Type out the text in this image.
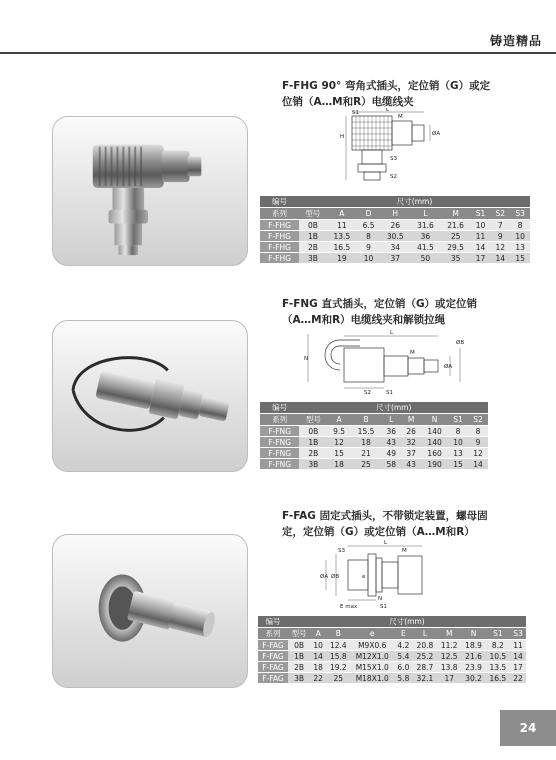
铸造精品
F-FHG 90° 弯角式插头，定位销（G）或定
位销（A…M和R）电缆线夹
S1	L
H
S3
S2
ØA
M
编号	尺寸(mm)								
系列	型号	A	D	H	L	M	S1	S2	S3
F-FHG	0B	11	6.5	26	31.6	21.6	10	7	8
F-FHG	1B	13.5	8	30.5	36	25	11	9	10
F-FHG	2B	16.5	9	34	41.5	29.5	14	12	13
F-FHG	3B	19	10	37	50	35	17	14	15
F-FNG 直式插头，定位销（G）或定位销
（A…M和R）电缆线夹和解锁拉绳
N
L
S2	S1
M
ØA
ØB
编号	尺寸(mm)							
系列	型号	A	B	L	M	N	S1	S2
F-FNG	0B	9.5	15.5	36	26	140	8	8
F-FNG	1B	12	18	43	32	140	10	9
F-FNG	2B	15	21	49	37	160	13	12
F-FNG	3B	18	25	58	43	190	15	14
F-FAG 固定式插头，不带锁定装置，螺母固
定，定位销（G）或定位销（A…M和R）
S3
L
M
ØA ØB
N
E max	S1
e
编号	尺寸(mm)									
系列	型号	A	B	e	E	L	M	N	S1	S3
F-FAG	0B	10	12.4	M9X0.6	4.2	20.8	11.2	18.9	8.2	11
F-FAG	1B	14	15.8	M12X1.0	5.4	25.2	12.5	21.6	10.5	14
F-FAG	2B	18	19.2	M15X1.0	6.0	28.7	13.8	23.9	13.5	17
F-FAG	3B	22	25	M18X1.0	5.8	32.1	17	30.2	16.5	22
24
